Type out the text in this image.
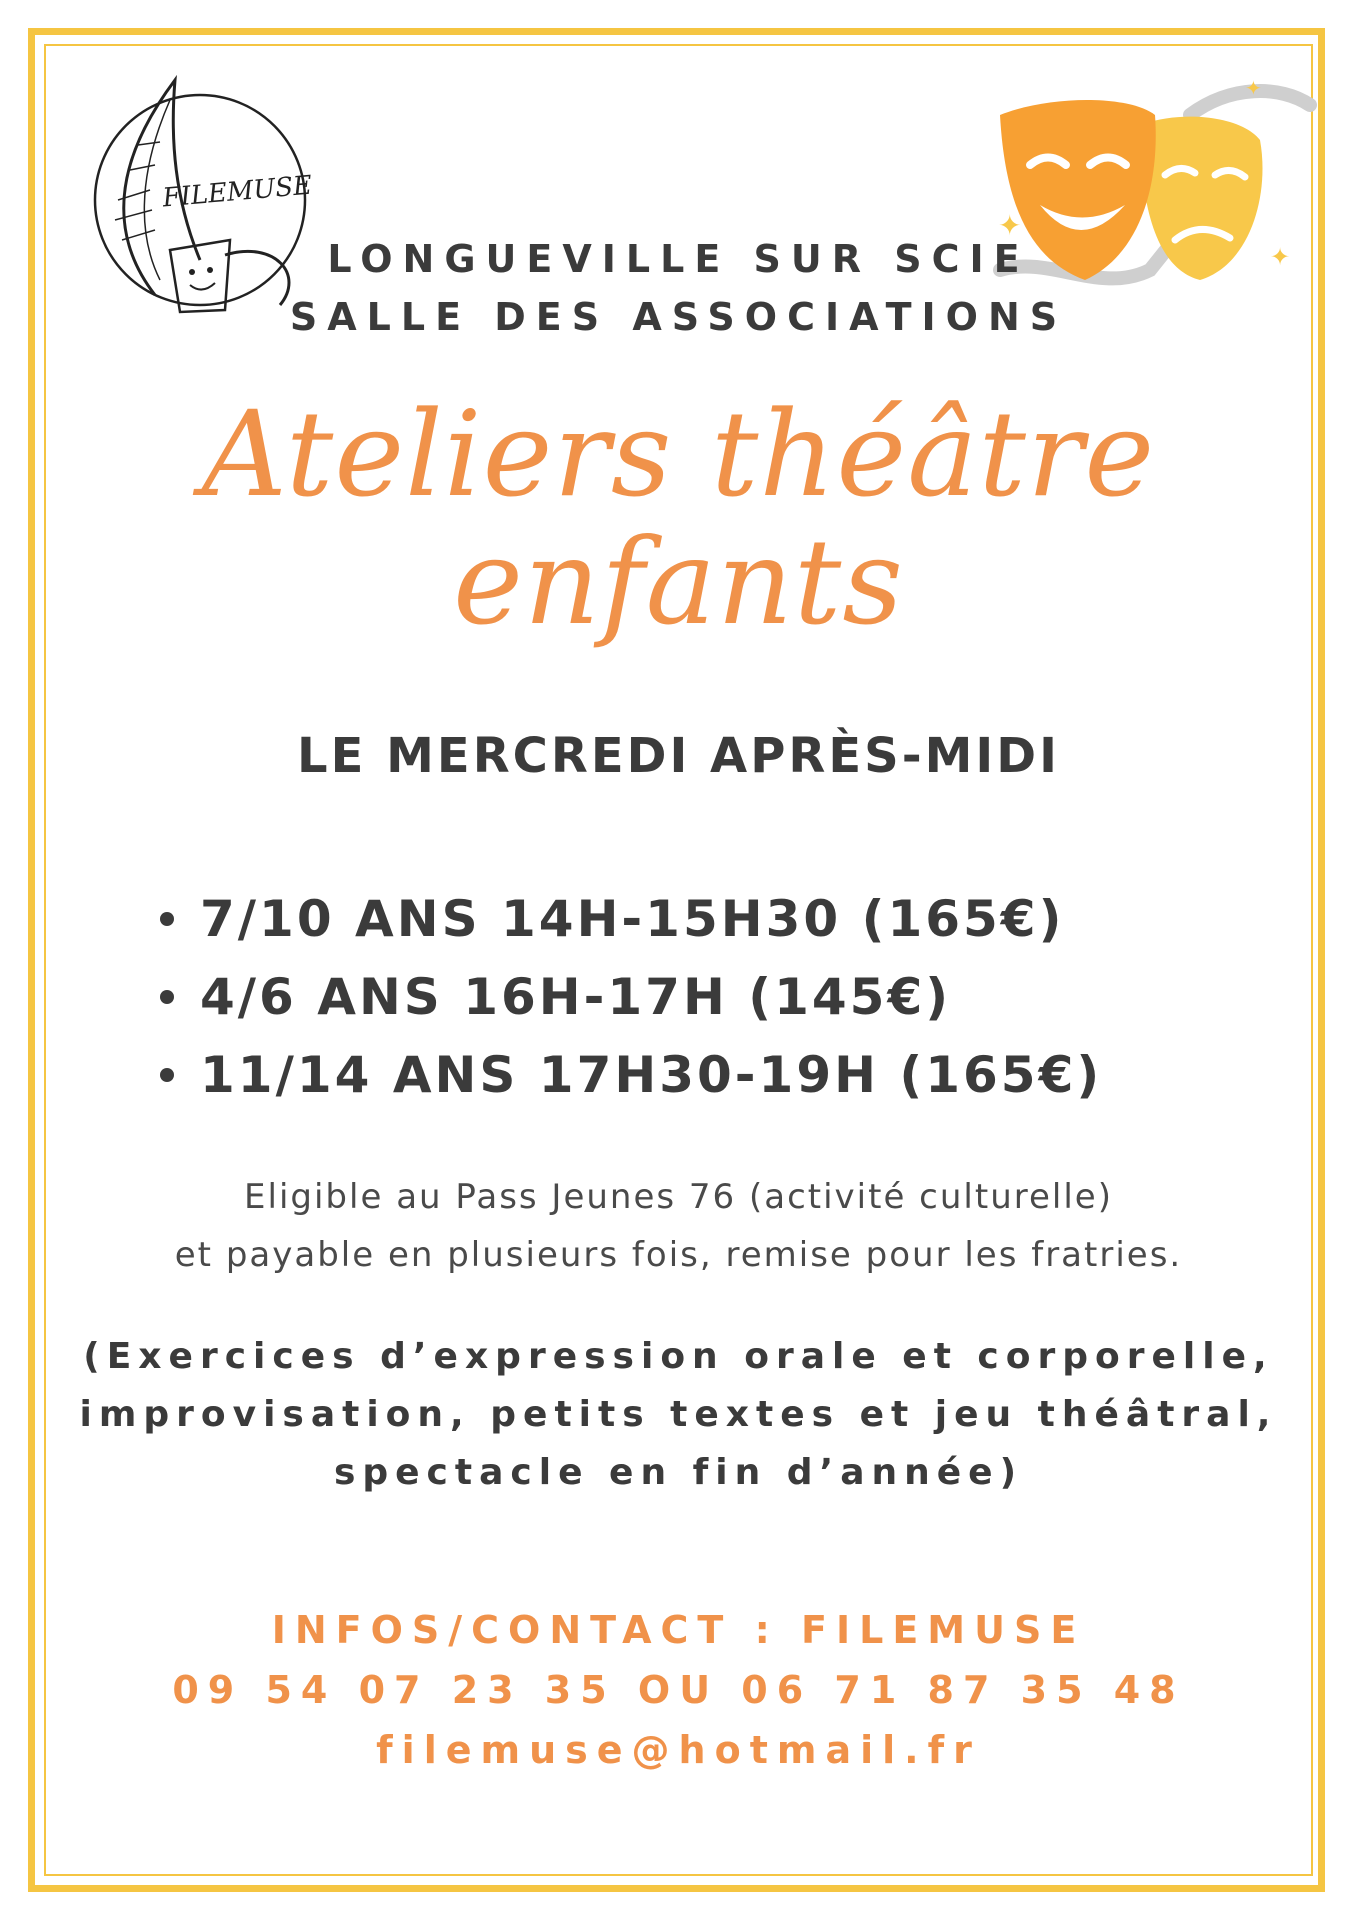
FILEMUSE
✦
✦
✦
LONGUEVILLE SUR SCIE
SALLE DES ASSOCIATIONS
Ateliers théâtre
enfants
LE MERCREDI APRÈS-MIDI
7/10 ANS 14H-15H30 (165€)
4/6 ANS 16H-17H (145€)
11/14 ANS 17H30-19H (165€)
Eligible au Pass Jeunes 76 (activité culturelle)
et payable en plusieurs fois, remise pour les fratries.
(Exercices d’expression orale et corporelle,
improvisation, petits textes et jeu théâtral,
spectacle en fin d’année)
INFOS/CONTACT : FILEMUSE
09 54 07 23 35 OU 06 71 87 35 48
filemuse@hotmail.fr
